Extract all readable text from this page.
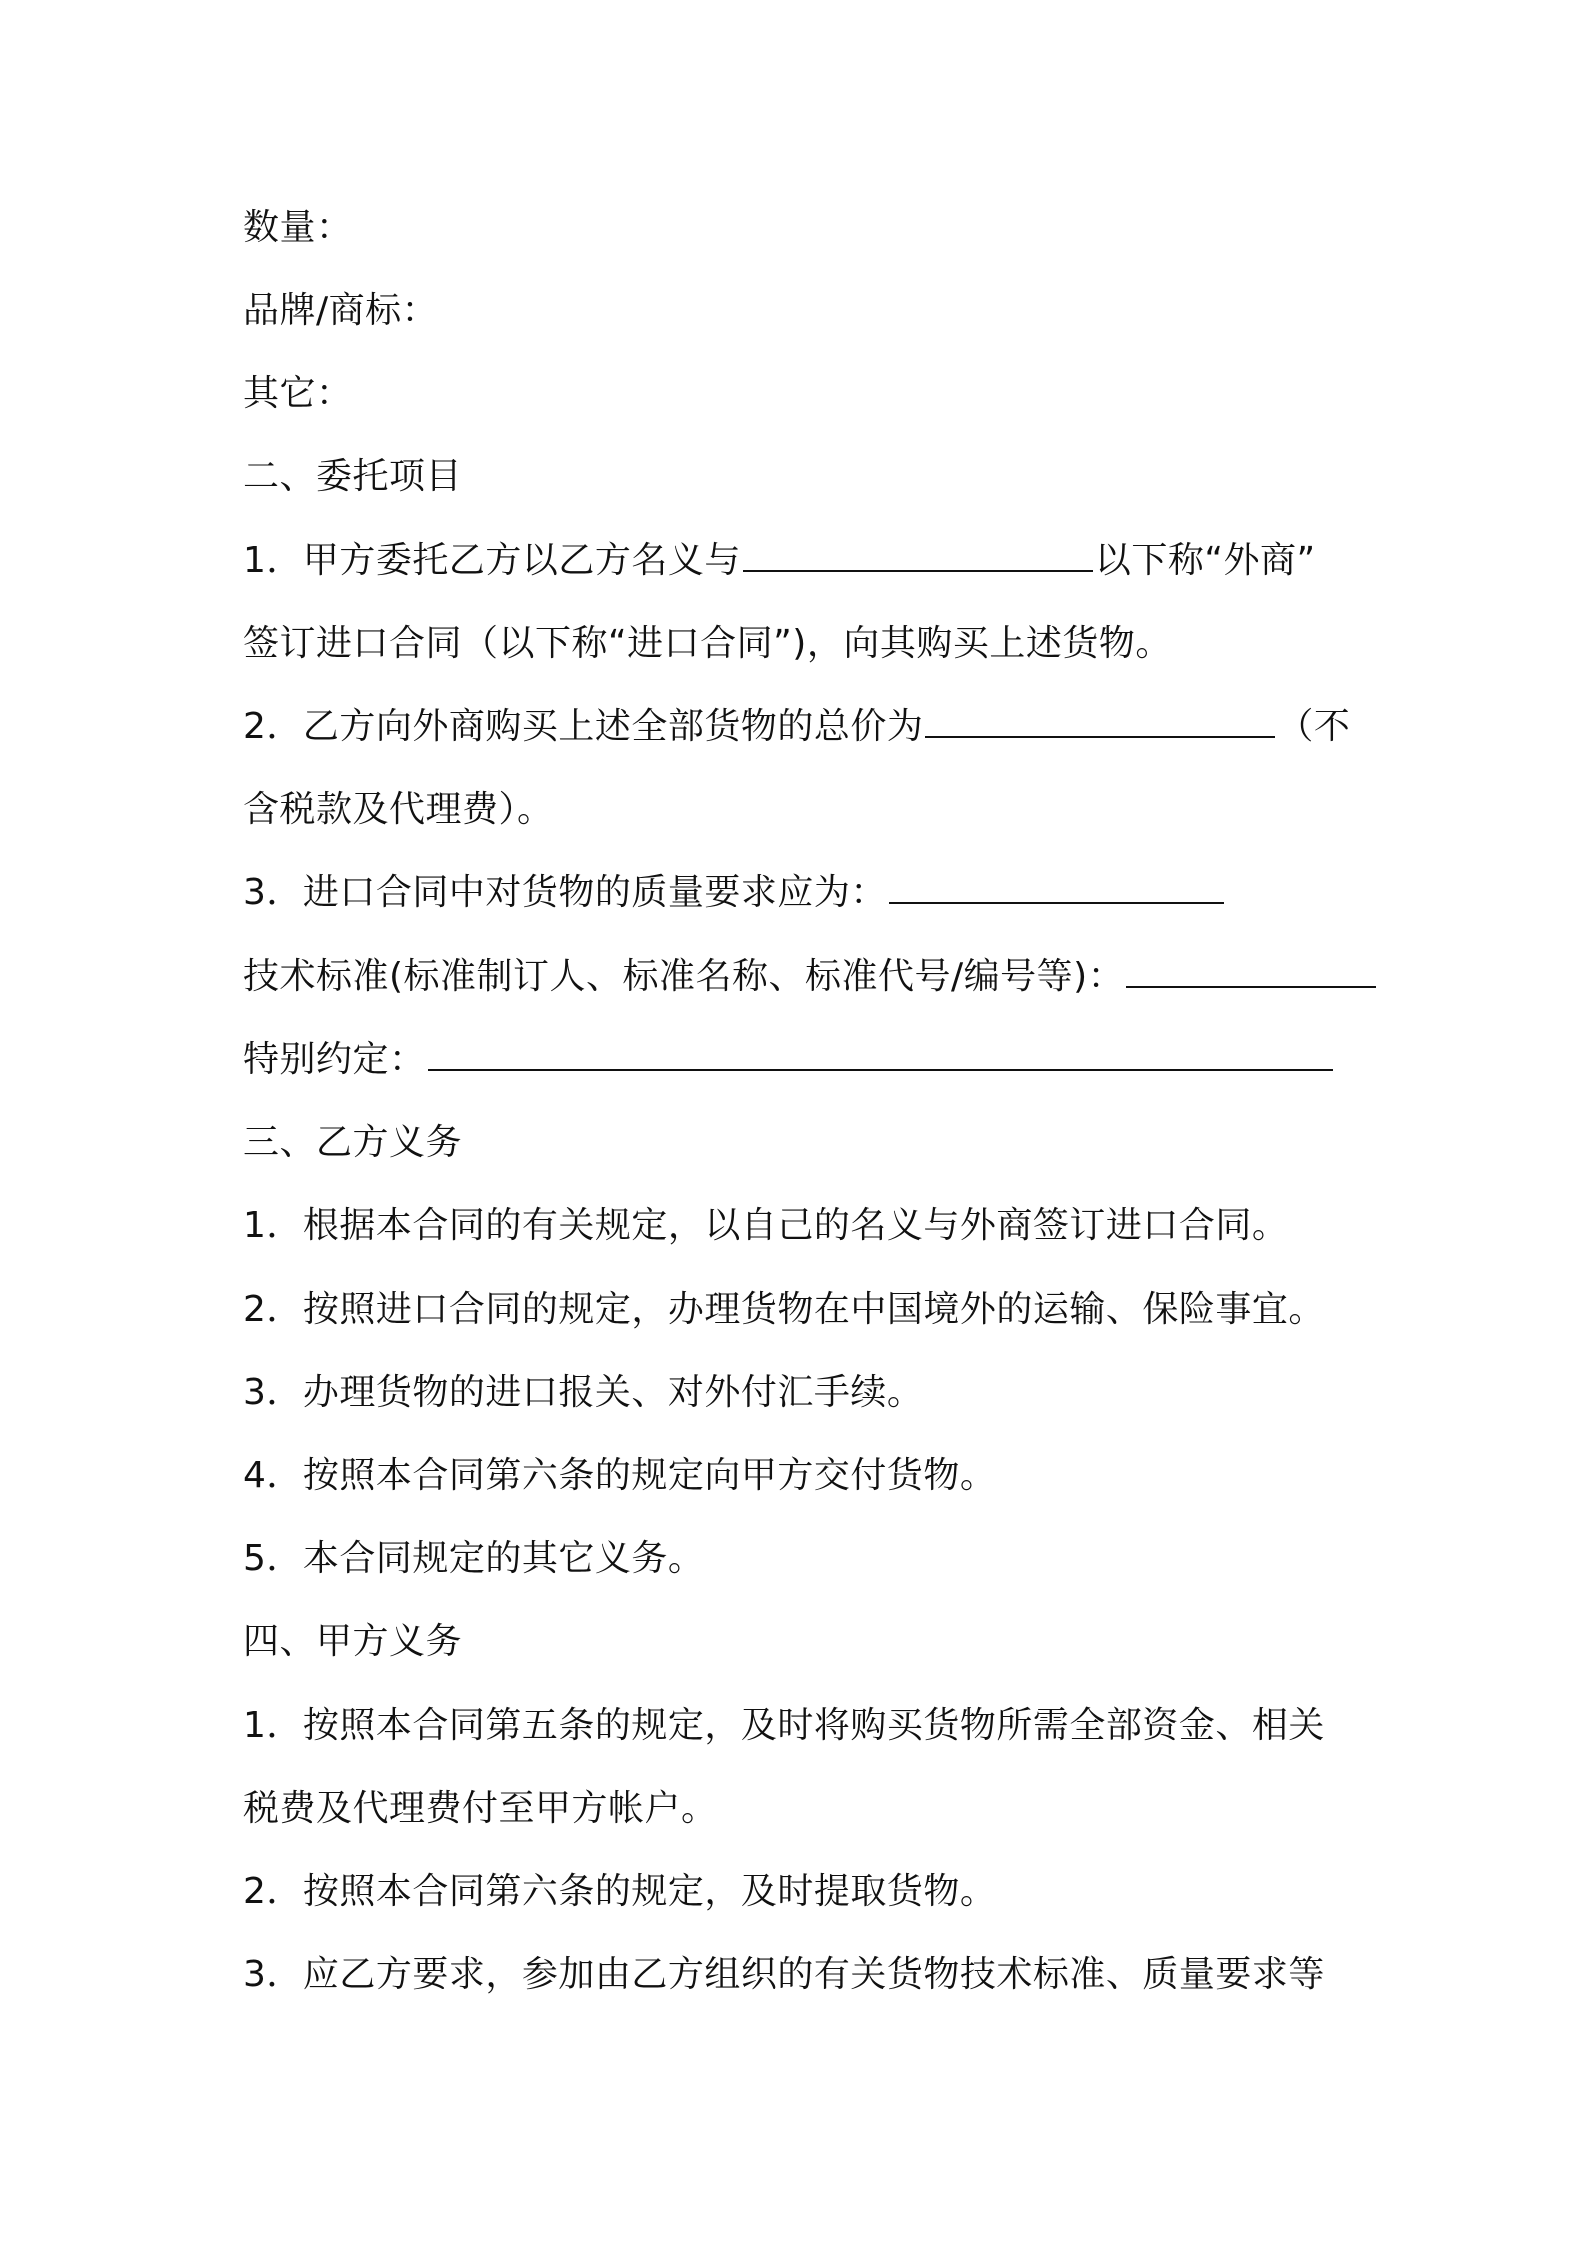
数量：

品牌/商标：

其它：

二、委托项目

1．甲方委托乙方以乙方名义与	以下称“外商”

签订进口合同（以下称“进口合同”)，向其购买上述货物。

2．乙方向外商购买上述全部货物的总价为	（不

含税款及代理费）。

3．进口合同中对货物的质量要求应为：

技术标准(标准制订人、标准名称、标准代号/编号等)：

特别约定：

三、乙方义务

1．根据本合同的有关规定，以自己的名义与外商签订进口合同。

2．按照进口合同的规定，办理货物在中国境外的运输、保险事宜。

3．办理货物的进口报关、对外付汇手续。

4．按照本合同第六条的规定向甲方交付货物。

5．本合同规定的其它义务。

四、甲方义务

1．按照本合同第五条的规定，及时将购买货物所需全部资金、相关

税费及代理费付至甲方帐户。

2．按照本合同第六条的规定，及时提取货物。

3．应乙方要求，参加由乙方组织的有关货物技术标准、质量要求等
